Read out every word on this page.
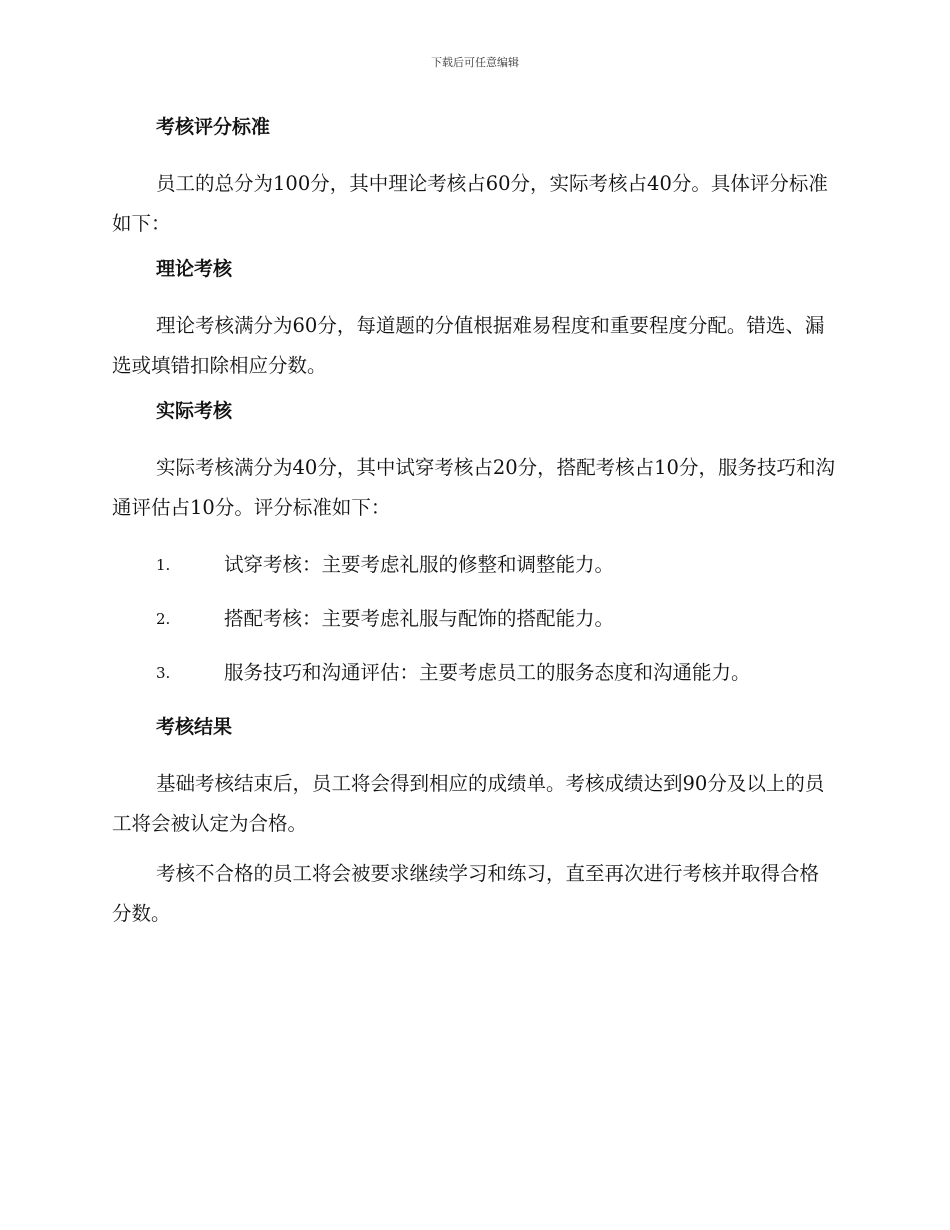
下载后可任意编辑
考核评分标准

员工的总分为100分，其中理论考核占60分，实际考核占40分。具体评分标准如下：

理论考核

理论考核满分为60分，每道题的分值根据难易程度和重要程度分配。错选、漏选或填错扣除相应分数。

实际考核

实际考核满分为40分，其中试穿考核占20分，搭配考核占10分，服务技巧和沟通评估占10分。评分标准如下：

1.	试穿考核：主要考虑礼服的修整和调整能力。
2.	搭配考核：主要考虑礼服与配饰的搭配能力。
3.	服务技巧和沟通评估：主要考虑员工的服务态度和沟通能力。
考核结果

基础考核结束后，员工将会得到相应的成绩单。考核成绩达到90分及以上的员工将会被认定为合格。

考核不合格的员工将会被要求继续学习和练习，直至再次进行考核并取得合格分数。
